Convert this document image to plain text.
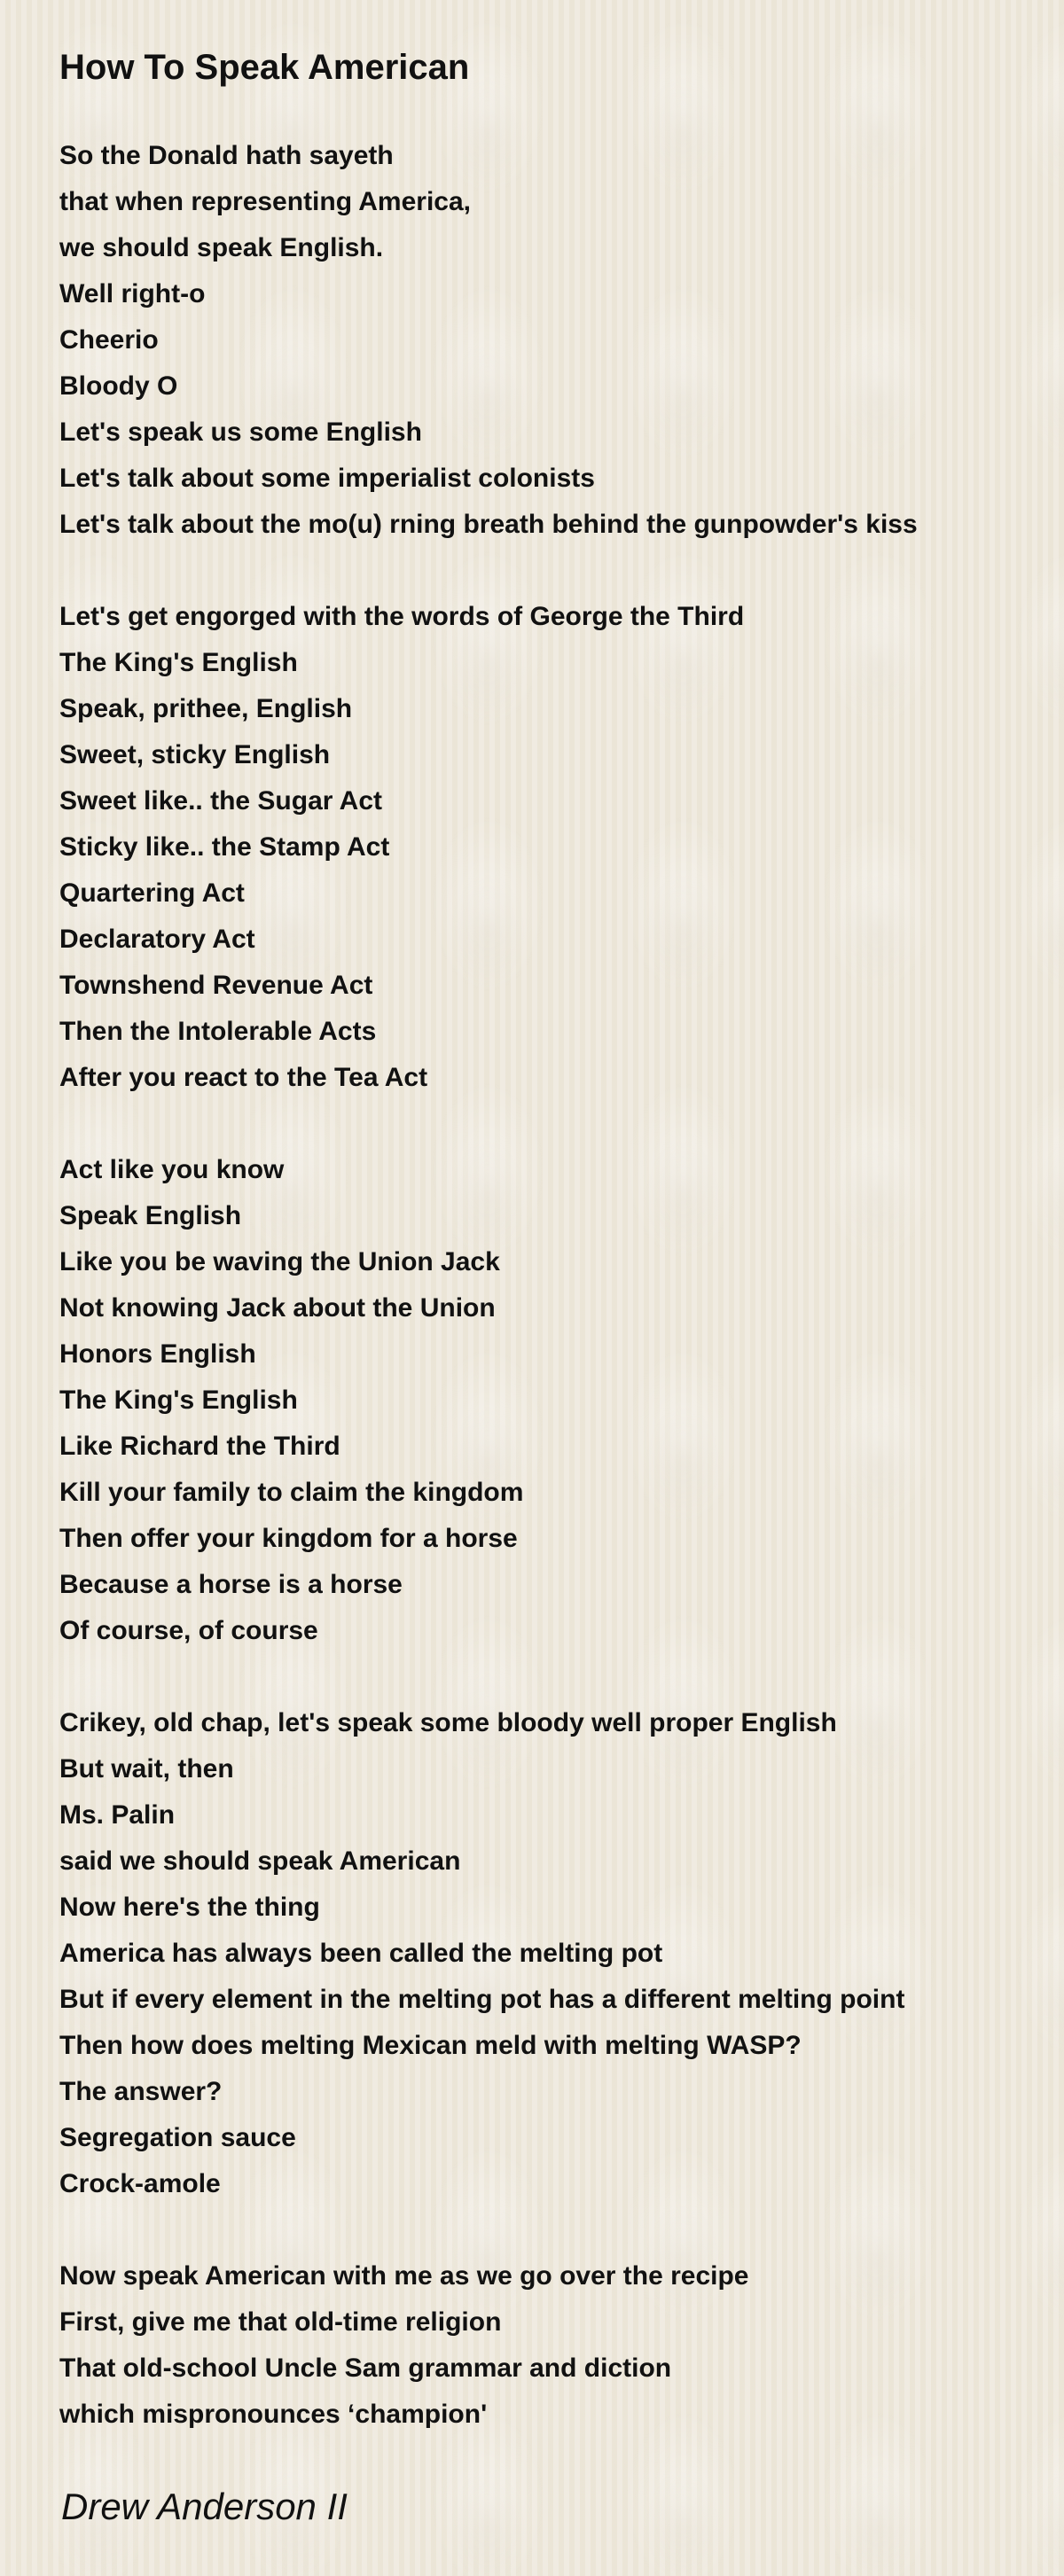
How To Speak American
So the Donald hath sayeth
that when representing America,
we should speak English.
Well right-o
Cheerio
Bloody O
Let's speak us some English
Let's talk about some imperialist colonists
Let's talk about the mo(u) rning breath behind the gunpowder's kiss
Let's get engorged with the words of George the Third
The King's English
Speak, prithee, English
Sweet, sticky English
Sweet like.. the Sugar Act
Sticky like.. the Stamp Act
Quartering Act
Declaratory Act
Townshend Revenue Act
Then the Intolerable Acts
After you react to the Tea Act
Act like you know
Speak English
Like you be waving the Union Jack
Not knowing Jack about the Union
Honors English
The King's English
Like Richard the Third
Kill your family to claim the kingdom
Then offer your kingdom for a horse
Because a horse is a horse
Of course, of course
Crikey, old chap, let's speak some bloody well proper English
But wait, then
Ms. Palin
said we should speak American
Now here's the thing
America has always been called the melting pot
But if every element in the melting pot has a different melting point
Then how does melting Mexican meld with melting WASP?
The answer?
Segregation sauce
Crock-amole
Now speak American with me as we go over the recipe
First, give me that old-time religion
That old-school Uncle Sam grammar and diction
which mispronounces ‘champion'

Drew Anderson II
